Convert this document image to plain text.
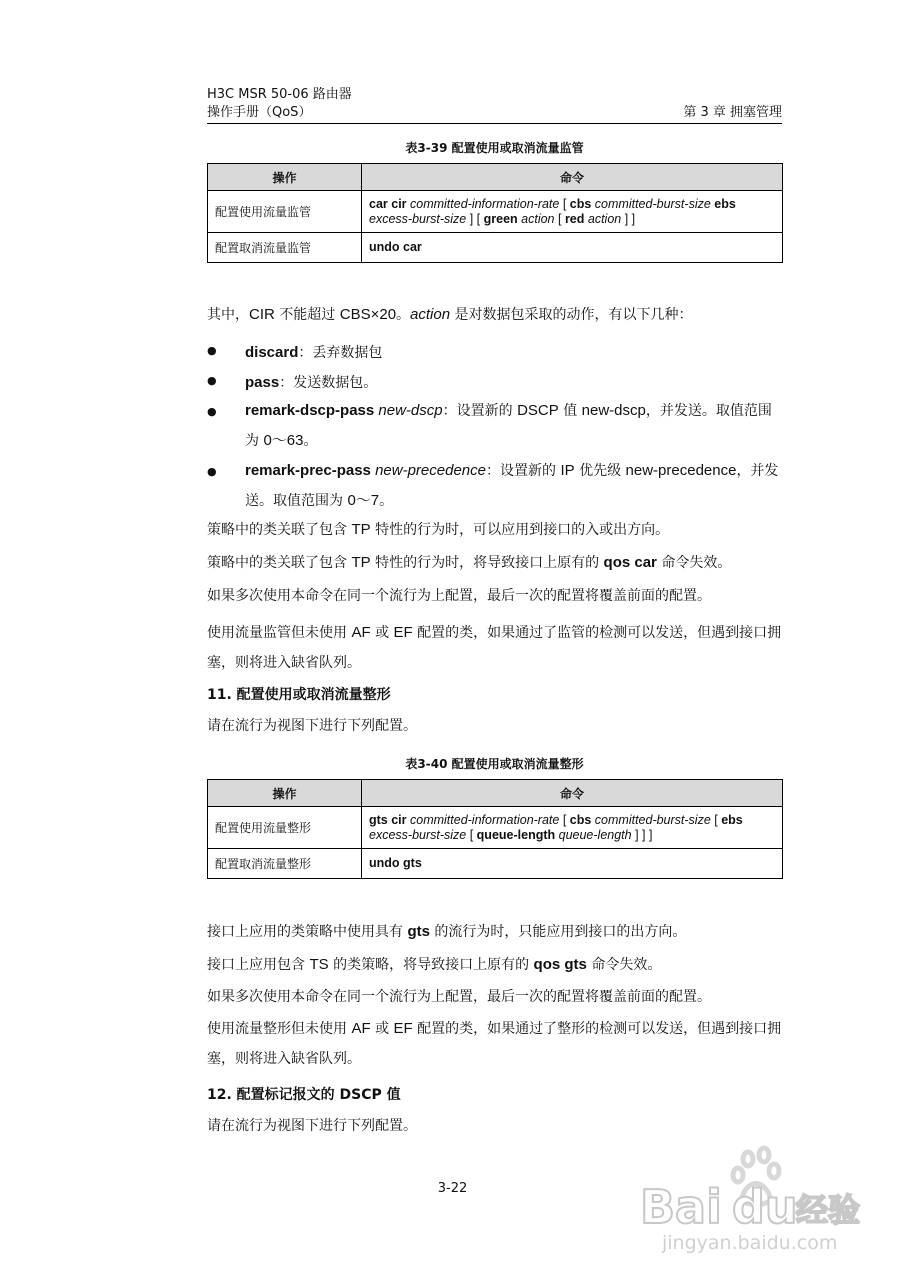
H3C MSR 50-06 路由器
操作手册（QoS）	第 3 章 拥塞管理
表3-39 配置使用或取消流量监管
操作	命令
配置使用流量监管	car cir committed-information-rate [ cbs committed-burst-size ebs
excess-burst-size ] [ green action [ red action ] ]
配置取消流量监管	undo car
其中，CIR 不能超过 CBS×20。action 是对数据包采取的动作，有以下几种：
● discard：丢弃数据包
● pass：发送数据包。
● remark-dscp-pass new-dscp：设置新的 DSCP 值 new-dscp，并发送。取值范围为 0～63。
● remark-prec-pass new-precedence：设置新的 IP 优先级 new-precedence，并发送。取值范围为 0～7。
策略中的类关联了包含 TP 特性的行为时，可以应用到接口的入或出方向。
策略中的类关联了包含 TP 特性的行为时，将导致接口上原有的 qos car 命令失效。
如果多次使用本命令在同一个流行为上配置，最后一次的配置将覆盖前面的配置。
使用流量监管但未使用 AF 或 EF 配置的类，如果通过了监管的检测可以发送，但遇到接口拥塞，则将进入缺省队列。
11. 配置使用或取消流量整形
请在流行为视图下进行下列配置。
表3-40 配置使用或取消流量整形
操作	命令
配置使用流量整形	gts cir committed-information-rate [ cbs committed-burst-size [ ebs
excess-burst-size [ queue-length queue-length ] ] ]
配置取消流量整形	undo gts
接口上应用的类策略中使用具有 gts 的流行为时，只能应用到接口的出方向。
接口上应用包含 TS 的类策略，将导致接口上原有的 qos gts 命令失效。
如果多次使用本命令在同一个流行为上配置，最后一次的配置将覆盖前面的配置。
使用流量整形但未使用 AF 或 EF 配置的类，如果通过了整形的检测可以发送，但遇到接口拥塞，则将进入缺省队列。
12. 配置标记报文的 DSCP 值
请在流行为视图下进行下列配置。
3-22	Bai du
经验
jingyan.baidu.com
